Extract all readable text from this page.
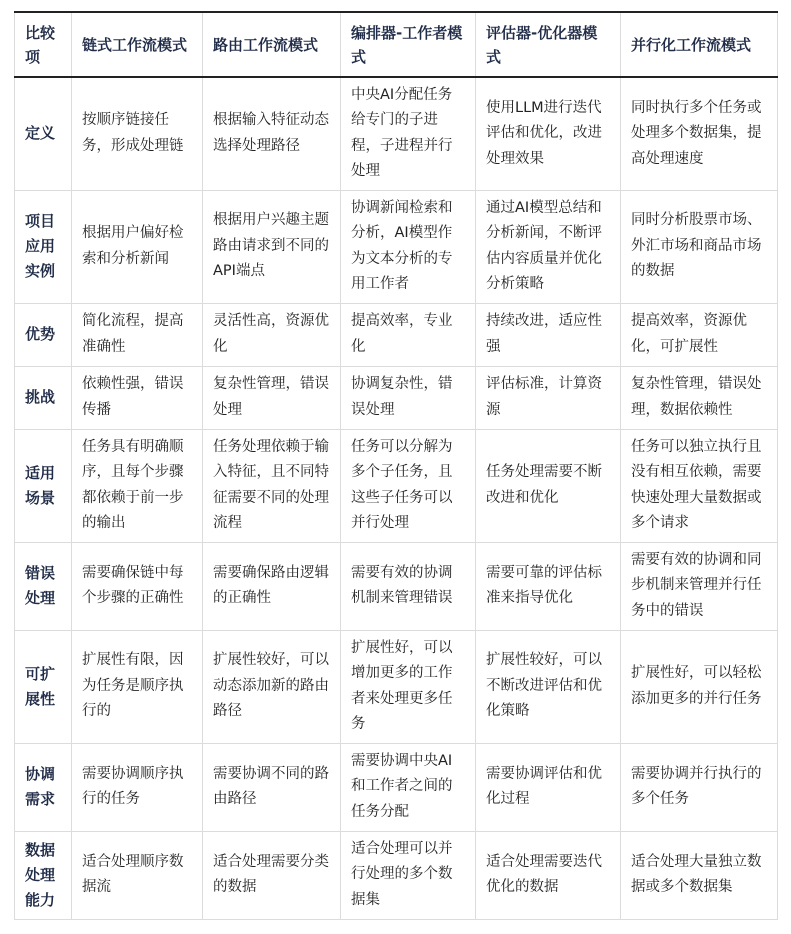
比较项	链式工作流模式	路由工作流模式	编排器-工作者模式	评估器-优化器模式	并行化工作流模式
定义	按顺序链接任务，形成处理链	根据输入特征动态选择处理路径	中央AI分配任务给专门的子进程，子进程并行处理	使用LLM进行迭代评估和优化，改进处理效果	同时执行多个任务或处理多个数据集，提高处理速度
项目应用实例	根据用户偏好检索和分析新闻	根据用户兴趣主题路由请求到不同的API端点	协调新闻检索和分析，AI模型作为文本分析的专用工作者	通过AI模型总结和分析新闻，不断评估内容质量并优化分析策略	同时分析股票市场、外汇市场和商品市场的数据
优势	简化流程，提高准确性	灵活性高，资源优化	提高效率，专业化	持续改进，适应性强	提高效率，资源优化，可扩展性
挑战	依赖性强，错误传播	复杂性管理，错误处理	协调复杂性，错误处理	评估标准，计算资源	复杂性管理，错误处理，数据依赖性
适用场景	任务具有明确顺序，且每个步骤都依赖于前一步的输出	任务处理依赖于输入特征，且不同特征需要不同的处理流程	任务可以分解为多个子任务，且这些子任务可以并行处理	任务处理需要不断改进和优化	任务可以独立执行且没有相互依赖，需要快速处理大量数据或多个请求
错误处理	需要确保链中每个步骤的正确性	需要确保路由逻辑的正确性	需要有效的协调机制来管理错误	需要可靠的评估标准来指导优化	需要有效的协调和同步机制来管理并行任务中的错误
可扩展性	扩展性有限，因为任务是顺序执行的	扩展性较好，可以动态添加新的路由路径	扩展性好，可以增加更多的工作者来处理更多任务	扩展性较好，可以不断改进评估和优化策略	扩展性好，可以轻松添加更多的并行任务
协调需求	需要协调顺序执行的任务	需要协调不同的路由路径	需要协调中央AI和工作者之间的任务分配	需要协调评估和优化过程	需要协调并行执行的多个任务
数据处理能力	适合处理顺序数据流	适合处理需要分类的数据	适合处理可以并行处理的多个数据集	适合处理需要迭代优化的数据	适合处理大量独立数据或多个数据集
